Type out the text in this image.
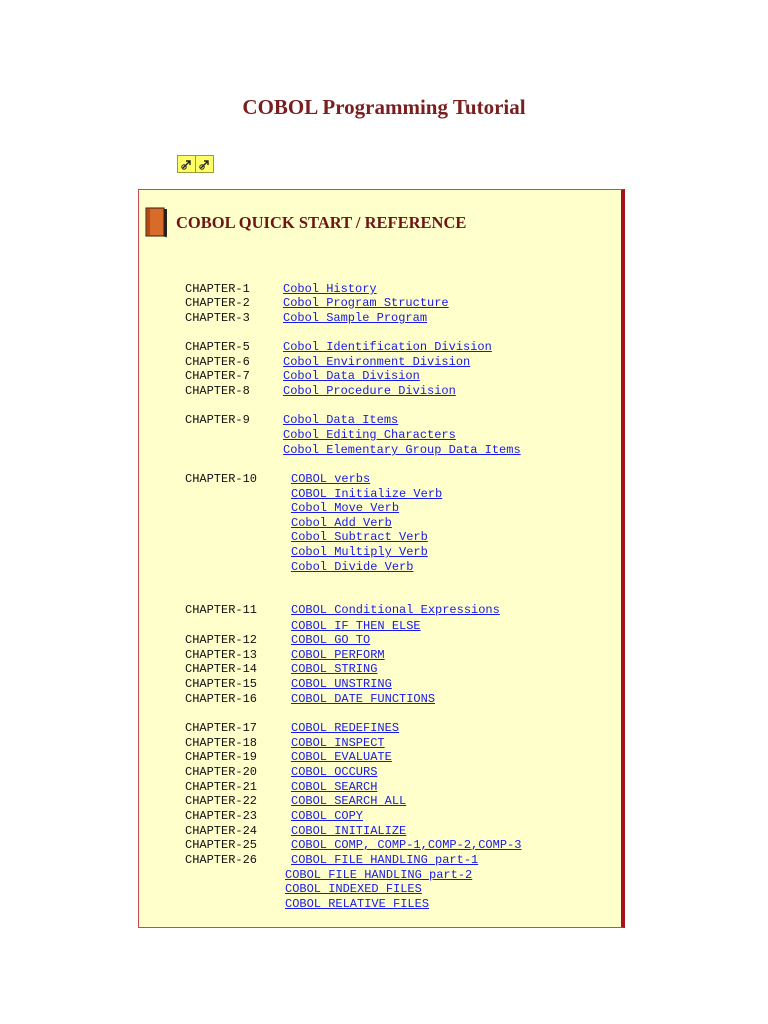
COBOL Programming Tutorial
COBOL QUICK START / REFERENCE
CHAPTER-1	Cobol History
CHAPTER-2	Cobol Program Structure
CHAPTER-3	Cobol Sample Program
CHAPTER-5	Cobol Identification Division
CHAPTER-6	Cobol Environment Division
CHAPTER-7	Cobol Data Division
CHAPTER-8	Cobol Procedure Division
CHAPTER-9	Cobol Data Items
Cobol Editing Characters
Cobol Elementary Group Data Items
CHAPTER-10	COBOL verbs
COBOL Initialize Verb
Cobol Move Verb
Cobol Add Verb
Cobol Subtract Verb
Cobol Multiply Verb
Cobol Divide Verb
CHAPTER-11	COBOL Conditional Expressions
COBOL IF THEN ELSE
CHAPTER-12	COBOL GO TO
CHAPTER-13	COBOL PERFORM
CHAPTER-14	COBOL STRING
CHAPTER-15	COBOL UNSTRING
CHAPTER-16	COBOL DATE FUNCTIONS
CHAPTER-17	COBOL REDEFINES
CHAPTER-18	COBOL INSPECT
CHAPTER-19	COBOL EVALUATE
CHAPTER-20	COBOL OCCURS
CHAPTER-21	COBOL SEARCH
CHAPTER-22	COBOL SEARCH ALL
CHAPTER-23	COBOL COPY
CHAPTER-24	COBOL INITIALIZE
CHAPTER-25	COBOL COMP, COMP-1,COMP-2,COMP-3
CHAPTER-26	COBOL FILE HANDLING part-1
COBOL FILE HANDLING part-2
COBOL INDEXED FILES
COBOL RELATIVE FILES
